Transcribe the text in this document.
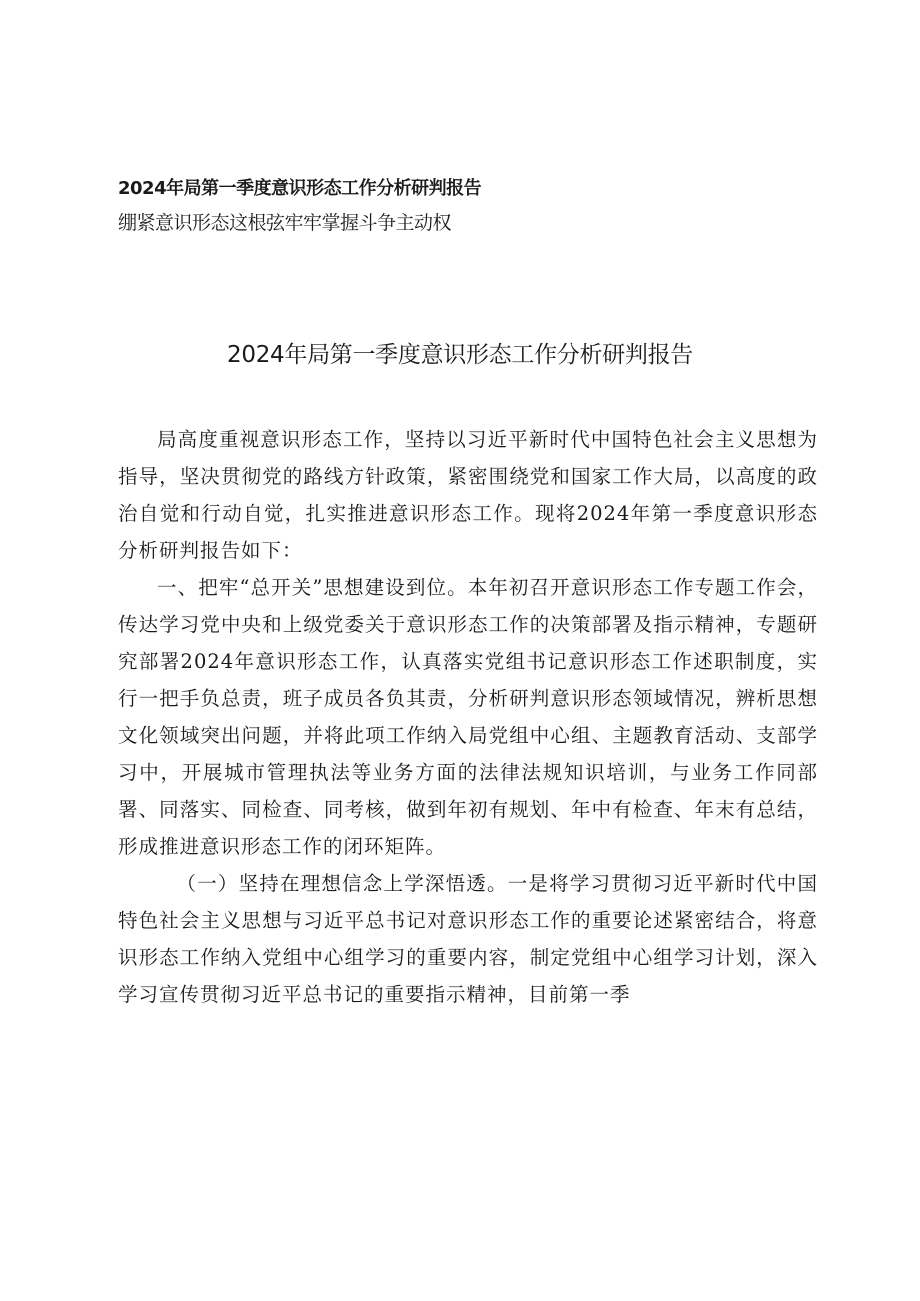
2024年局第一季度意识形态工作分析研判报告
绷紧意识形态这根弦牢牢掌握斗争主动权
2024年局第一季度意识形态工作分析研判报告

局高度重视意识形态工作，坚持以习近平新时代中国特色社会主义思想为指导，坚决贯彻党的路线方针政策，紧密围绕党和国家工作大局，以高度的政治自觉和行动自觉，扎实推进意识形态工作。现将2024年第一季度意识形态分析研判报告如下：

一、把牢“总开关”思想建设到位。本年初召开意识形态工作专题工作会，传达学习党中央和上级党委关于意识形态工作的决策部署及指示精神，专题研究部署2024年意识形态工作，认真落实党组书记意识形态工作述职制度，实行一把手负总责，班子成员各负其责，分析研判意识形态领域情况，辨析思想文化领域突出问题，并将此项工作纳入局党组中心组、主题教育活动、支部学习中，开展城市管理执法等业务方面的法律法规知识培训，与业务工作同部署、同落实、同检查、同考核，做到年初有规划、年中有检查、年末有总结，形成推进意识形态工作的闭环矩阵。

（一）坚持在理想信念上学深悟透。一是将学习贯彻习近平新时代中国特色社会主义思想与习近平总书记对意识形态工作的重要论述紧密结合，将意识形态工作纳入党组中心组学习的重要内容，制定党组中心组学习计划，深入学习宣传贯彻习近平总书记的重要指示精神，目前第一季
